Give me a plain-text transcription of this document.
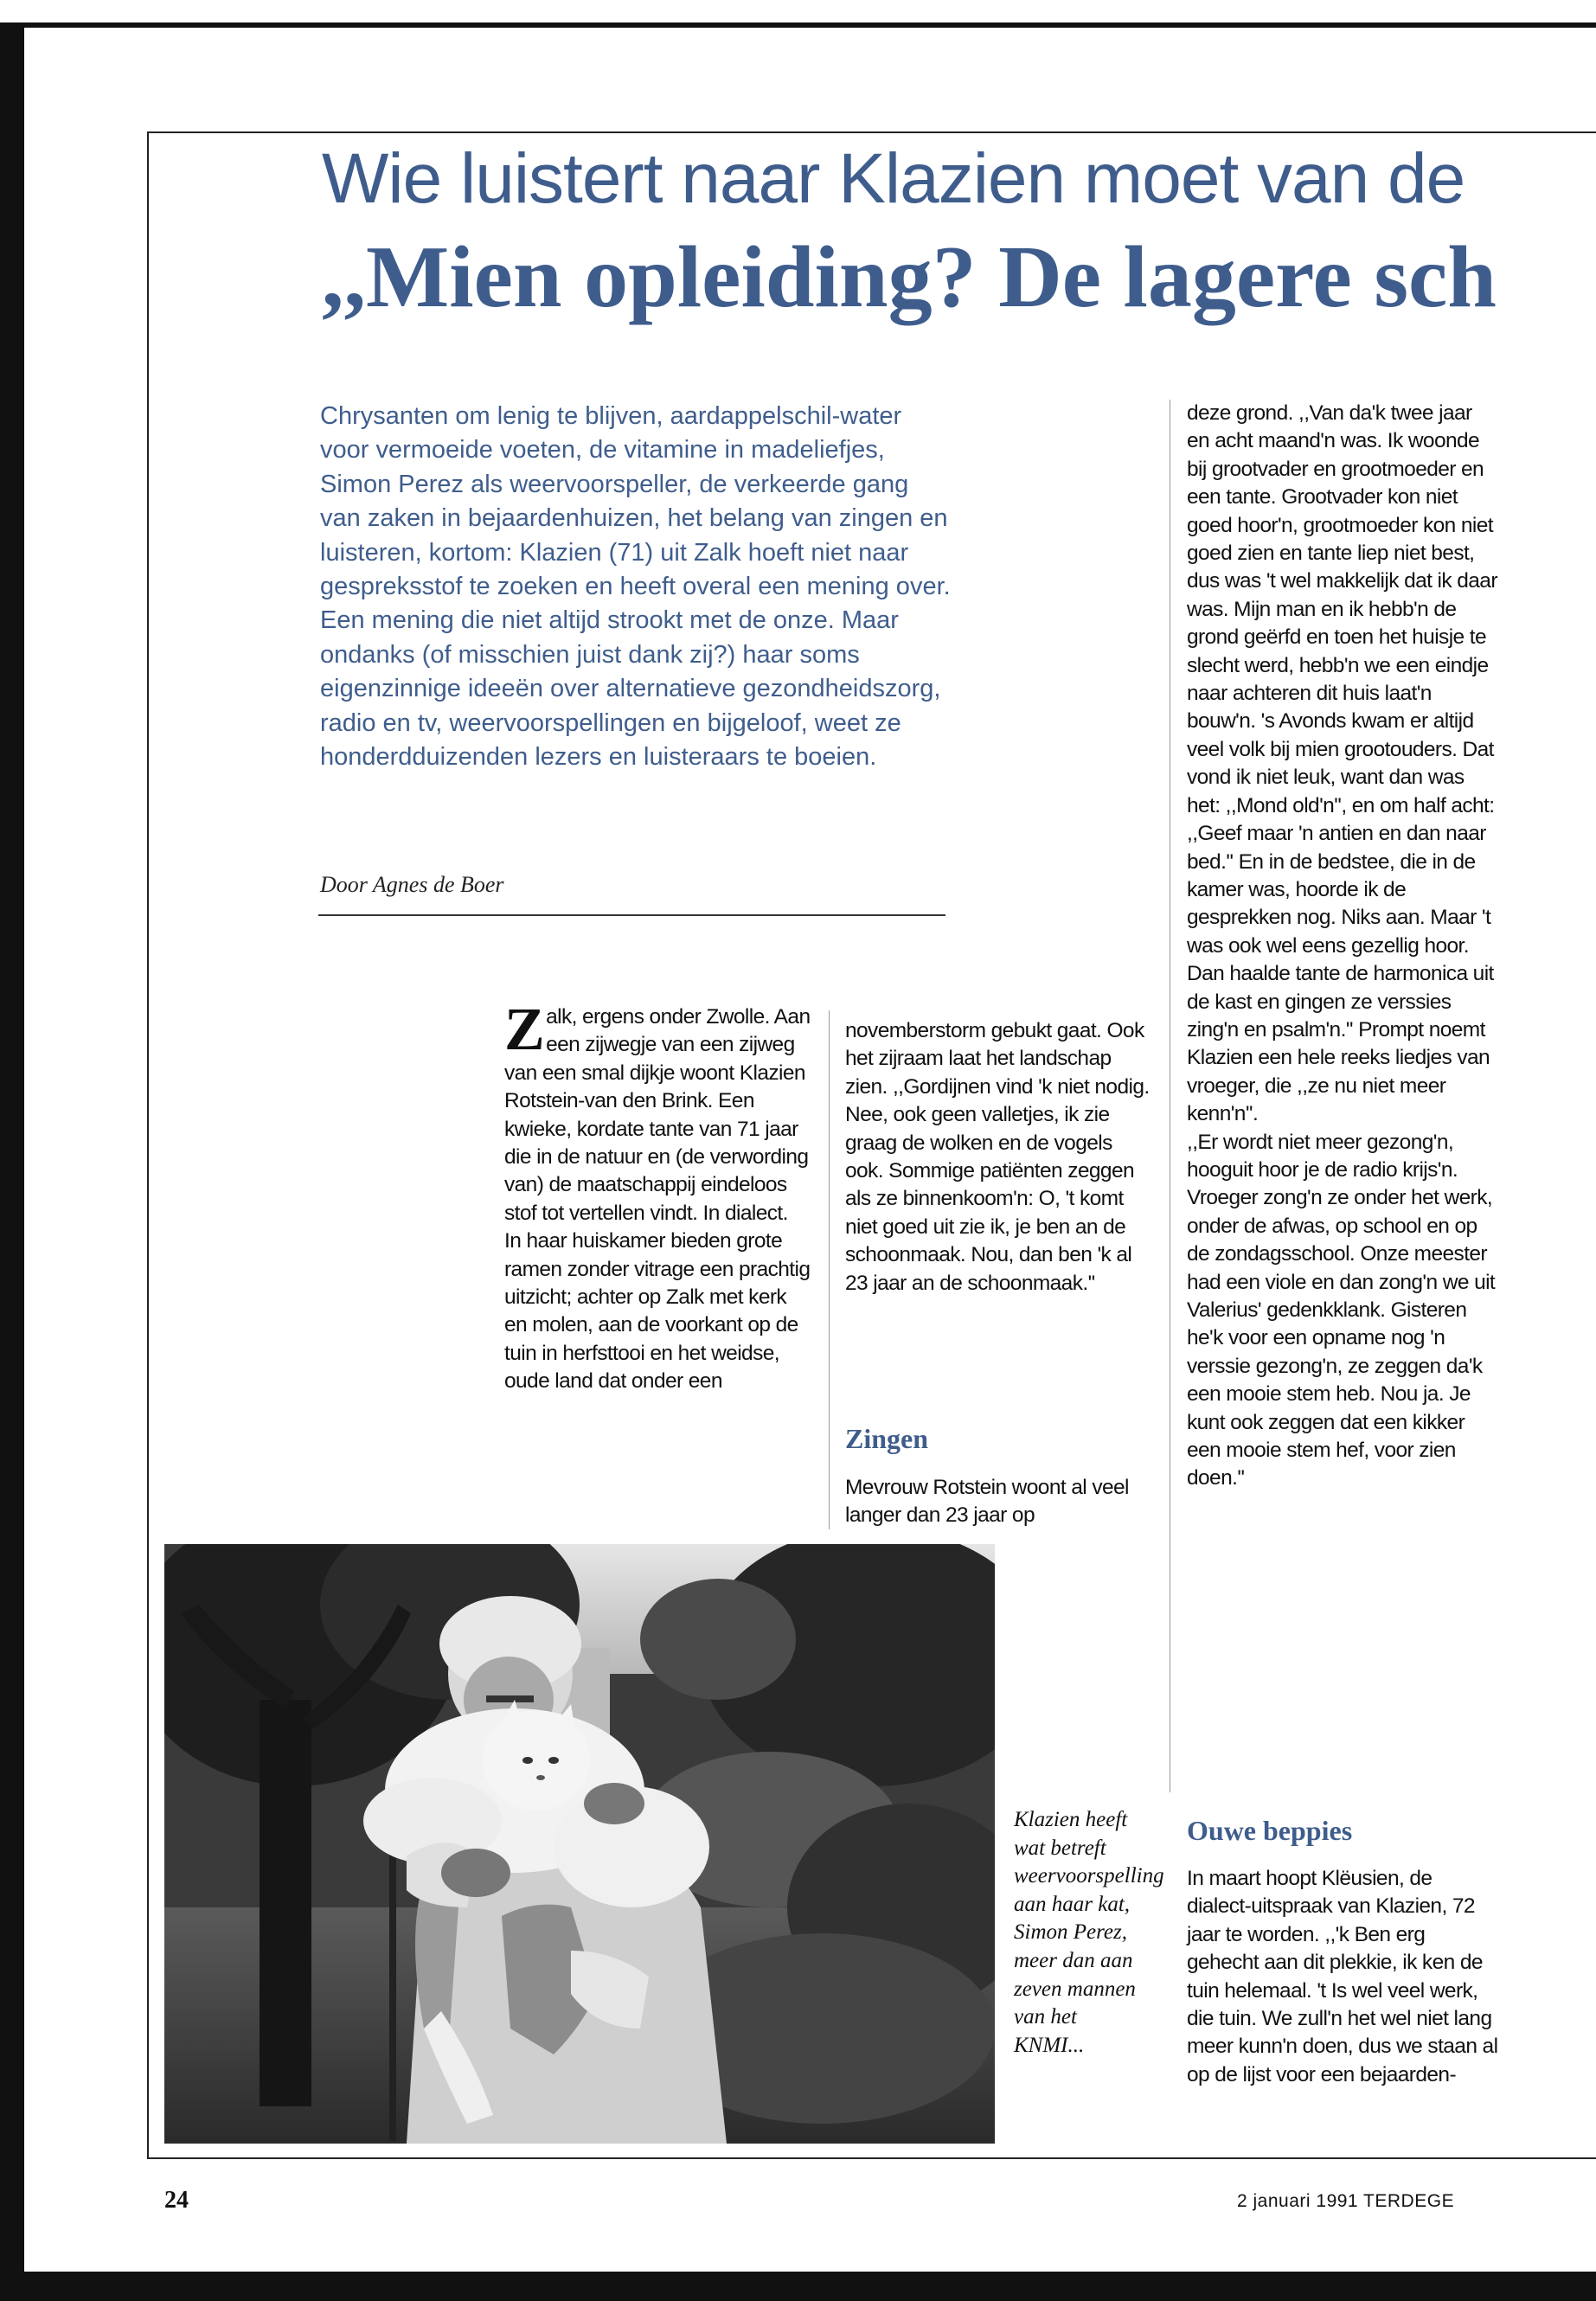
Wie luistert naar Klazien moet van de
,,Mien opleiding? De lagere sch
Chrysanten om lenig te blijven, aardappelschil-water voor vermoeide voeten, de vitamine in madeliefjes, Simon Perez als weervoorspeller, de verkeerde gang van zaken in bejaardenhuizen, het belang van zingen en luisteren, kortom: Klazien (71) uit Zalk hoeft niet naar gespreksstof te zoeken en heeft overal een mening over. Een mening die niet altijd strookt met de onze. Maar ondanks (of misschien juist dank zij?) haar soms eigenzinnige ideeën over alternatieve gezondheidszorg, radio en tv, weervoorspellingen en bijgeloof, weet ze honderdduizenden lezers en luisteraars te boeien.
Door Agnes de Boer

Zalk, ergens onder Zwolle. Aan een zijwegje van een zijweg van een smal dijkje woont Klazien Rotstein-van den Brink. Een kwieke, kordate tante van 71 jaar die in de natuur en (de verwording van) de maatschappij eindeloos stof tot vertellen vindt. In dialect.

In haar huiskamer bieden grote ramen zonder vitrage een prachtig uitzicht; achter op Zalk met kerk en molen, aan de voorkant op de tuin in herfsttooi en het weidse, oude land dat onder een

novemberstorm gebukt gaat. Ook het zijraam laat het landschap zien. ,,Gordijnen vind 'k niet nodig. Nee, ook geen valletjes, ik zie graag de wolken en de vogels ook. Sommige patiënten zeggen als ze binnenkoom'n: O, 't komt niet goed uit zie ik, je ben an de schoonmaak. Nou, dan ben 'k al 23 jaar an de schoonmaak.''

Zingen

Mevrouw Rotstein woont al veel langer dan 23 jaar op

deze grond. ,,Van da'k twee jaar en acht maand'n was. Ik woonde bij grootvader en grootmoeder en een tante. Grootvader kon niet goed hoor'n, grootmoeder kon niet goed zien en tante liep niet best, dus was 't wel makkelijk dat ik daar was. Mijn man en ik hebb'n de grond geërfd en toen het huisje te slecht werd, hebb'n we een eindje naar achteren dit huis laat'n bouw'n. 's Avonds kwam er altijd veel volk bij mien grootouders. Dat vond ik niet leuk, want dan was het: ,,Mond old'n'', en om half acht: ,,Geef maar 'n antien en dan naar bed.'' En in de bedstee, die in de kamer was, hoorde ik de gesprekken nog. Niks aan. Maar 't was ook wel eens gezellig hoor. Dan haalde tante de harmonica uit de kast en gingen ze verssies zing'n en psalm'n.'' Prompt noemt Klazien een hele reeks liedjes van vroeger, die ,,ze nu niet meer kenn'n''.

,,Er wordt niet meer gezong'n, hooguit hoor je de radio krijs'n. Vroeger zong'n ze onder het werk, onder de afwas, op school en op de zondagsschool. Onze meester had een viole en dan zong'n we uit Valerius' gedenkklank. Gisteren he'k voor een opname nog 'n verssie gezong'n, ze zeggen da'k een mooie stem heb. Nou ja. Je kunt ook zeggen dat een kikker een mooie stem hef, voor zien doen.''

Ouwe beppies

In maart hoopt Klëusien, de dialect-uitspraak van Klazien, 72 jaar te worden. ,,'k Ben erg gehecht aan dit plekkie, ik ken de tuin helemaal. 't Is wel veel werk, die tuin. We zull'n het wel niet lang meer kunn'n doen, dus we staan al op de lijst voor een bejaarden-

Klazien heeft wat betreft weervoorspelling aan haar kat, Simon Perez, meer dan aan zeven mannen van het KNMI...
24	2 januari 1991 TERDEGE
